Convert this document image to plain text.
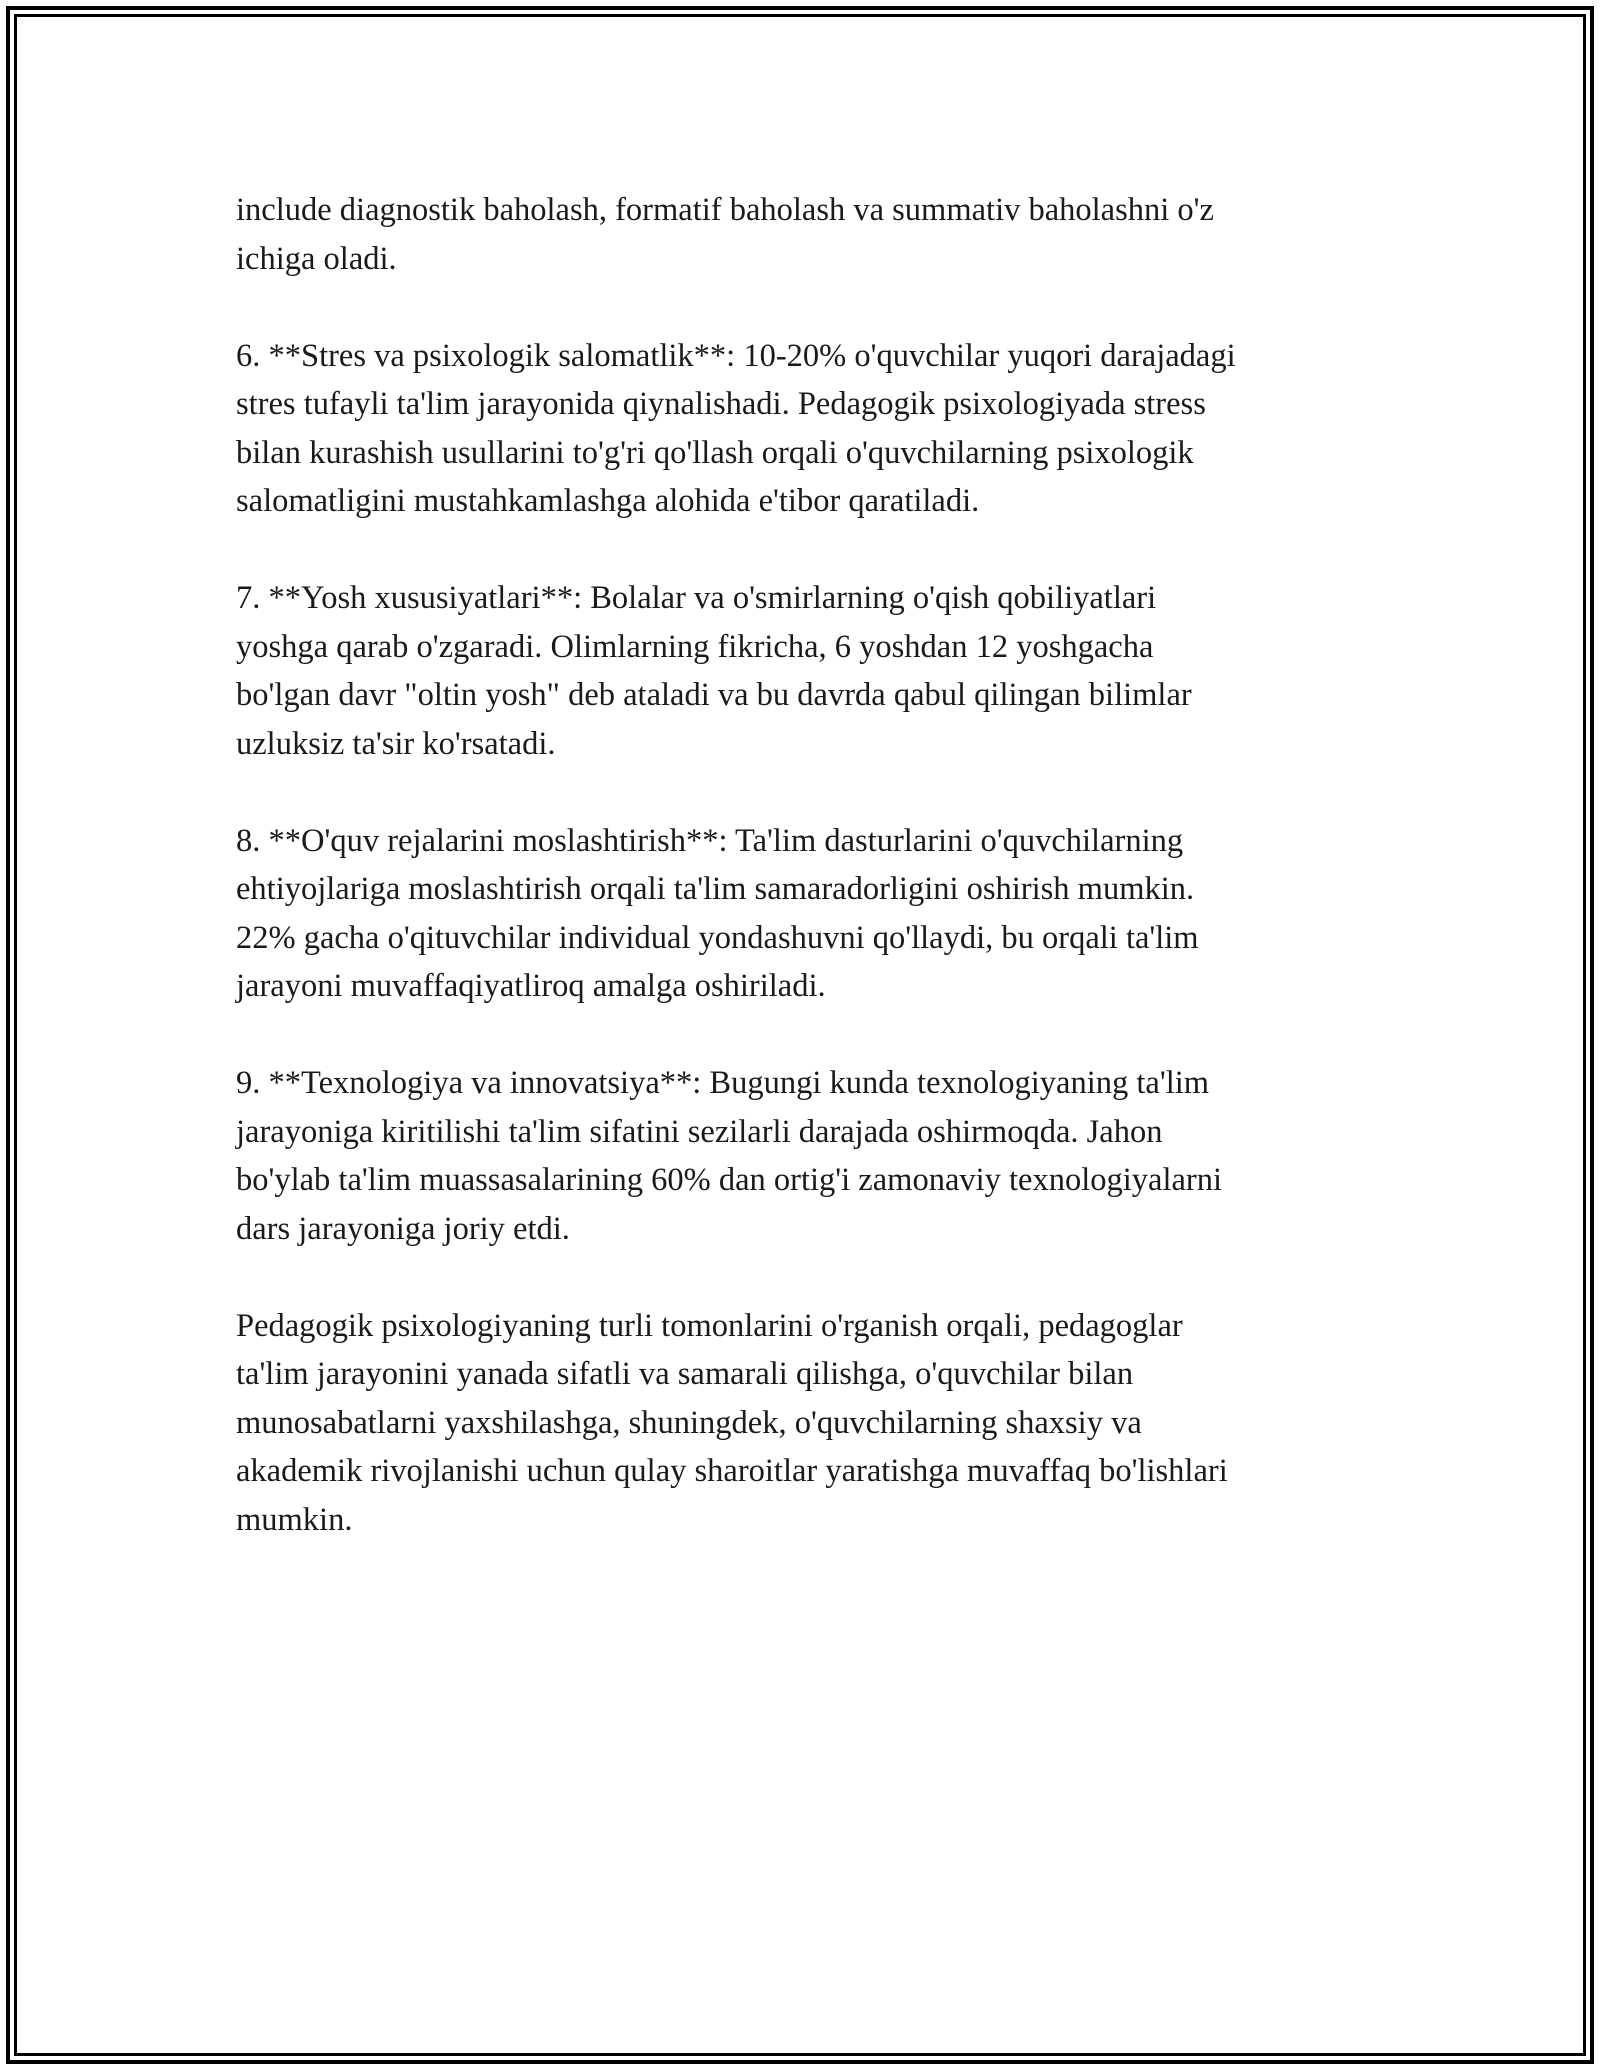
include diagnostik baholash, formatif baholash va summativ baholashni o'z
ichiga oladi.

6. **Stres va psixologik salomatlik**: 10-20% o'quvchilar yuqori darajadagi
stres tufayli ta'lim jarayonida qiynalishadi. Pedagogik psixologiyada stress
bilan kurashish usullarini to'g'ri qo'llash orqali o'quvchilarning psixologik
salomatligini mustahkamlashga alohida e'tibor qaratiladi.

7. **Yosh xususiyatlari**: Bolalar va o'smirlarning o'qish qobiliyatlari
yoshga qarab o'zgaradi. Olimlarning fikricha, 6 yoshdan 12 yoshgacha
bo'lgan davr "oltin yosh" deb ataladi va bu davrda qabul qilingan bilimlar
uzluksiz ta'sir ko'rsatadi.

8. **O'quv rejalarini moslashtirish**: Ta'lim dasturlarini o'quvchilarning
ehtiyojlariga moslashtirish orqali ta'lim samaradorligini oshirish mumkin.
22% gacha o'qituvchilar individual yondashuvni qo'llaydi, bu orqali ta'lim
jarayoni muvaffaqiyatliroq amalga oshiriladi.

9. **Texnologiya va innovatsiya**: Bugungi kunda texnologiyaning ta'lim
jarayoniga kiritilishi ta'lim sifatini sezilarli darajada oshirmoqda. Jahon
bo'ylab ta'lim muassasalarining 60% dan ortig'i zamonaviy texnologiyalarni
dars jarayoniga joriy etdi.

Pedagogik psixologiyaning turli tomonlarini o'rganish orqali, pedagoglar
ta'lim jarayonini yanada sifatli va samarali qilishga, o'quvchilar bilan
munosabatlarni yaxshilashga, shuningdek, o'quvchilarning shaxsiy va
akademik rivojlanishi uchun qulay sharoitlar yaratishga muvaffaq bo'lishlari
mumkin.
